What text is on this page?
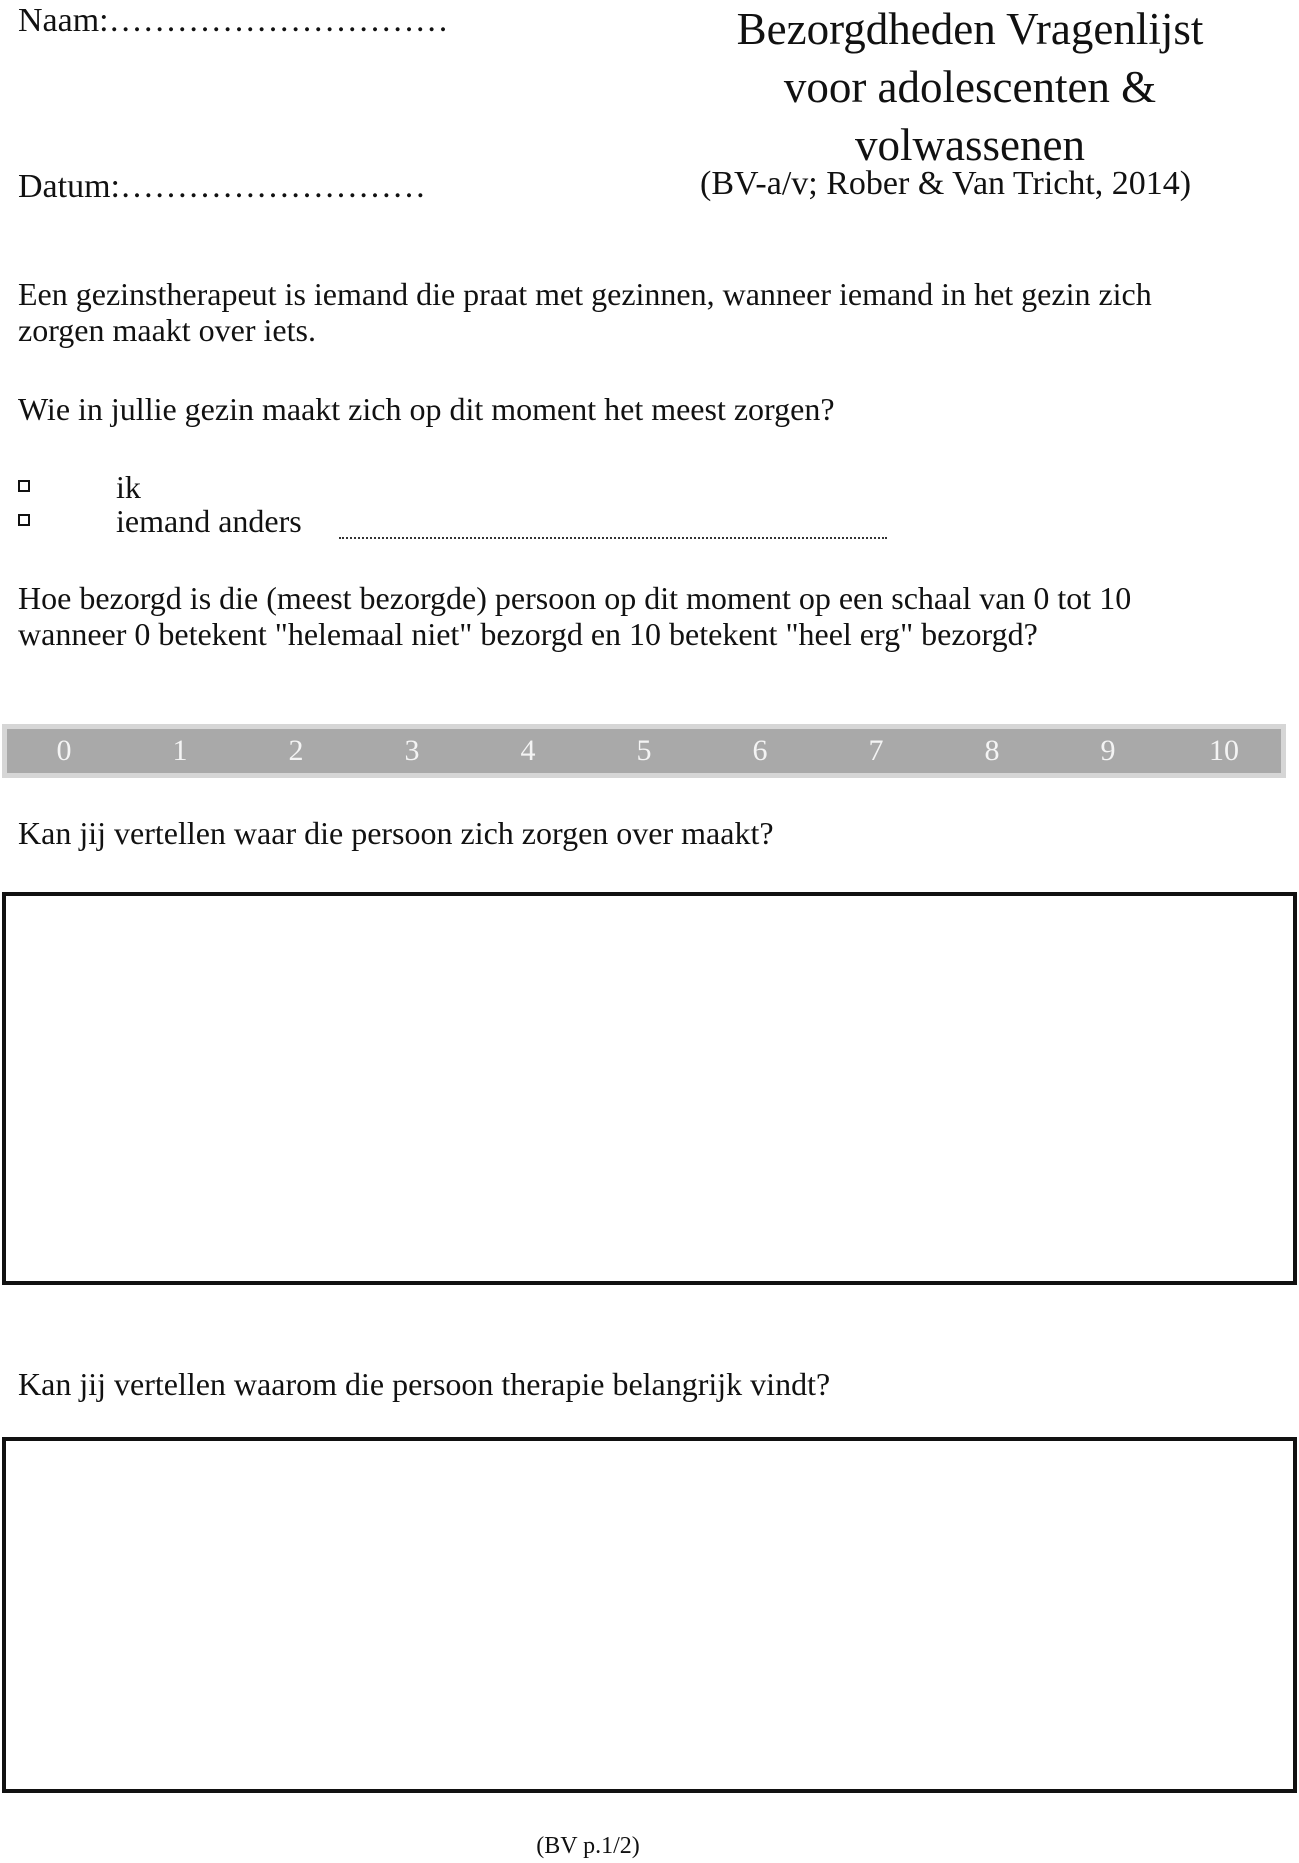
Naam:…………………………
Datum:………………………
Bezorgdheden Vragenlijst
voor adolescenten &
volwassenen
(BV-a/v; Rober & Van Tricht, 2014)
Een gezinstherapeut is iemand die praat met gezinnen, wanneer iemand in het gezin zich
zorgen maakt over iets.
Wie in jullie gezin maakt zich op dit moment het meest zorgen?
ik
iemand anders
Hoe bezorgd is die (meest bezorgde) persoon op dit moment op een schaal van 0 tot 10
wanneer 0 betekent "helemaal niet" bezorgd en 10 betekent "heel erg" bezorgd?
0	1	2	3	4	5	6	7	8	9	10
Kan jij vertellen waar die persoon zich zorgen over maakt?
Kan jij vertellen waarom die persoon therapie belangrijk vindt?
(BV p.1/2)
